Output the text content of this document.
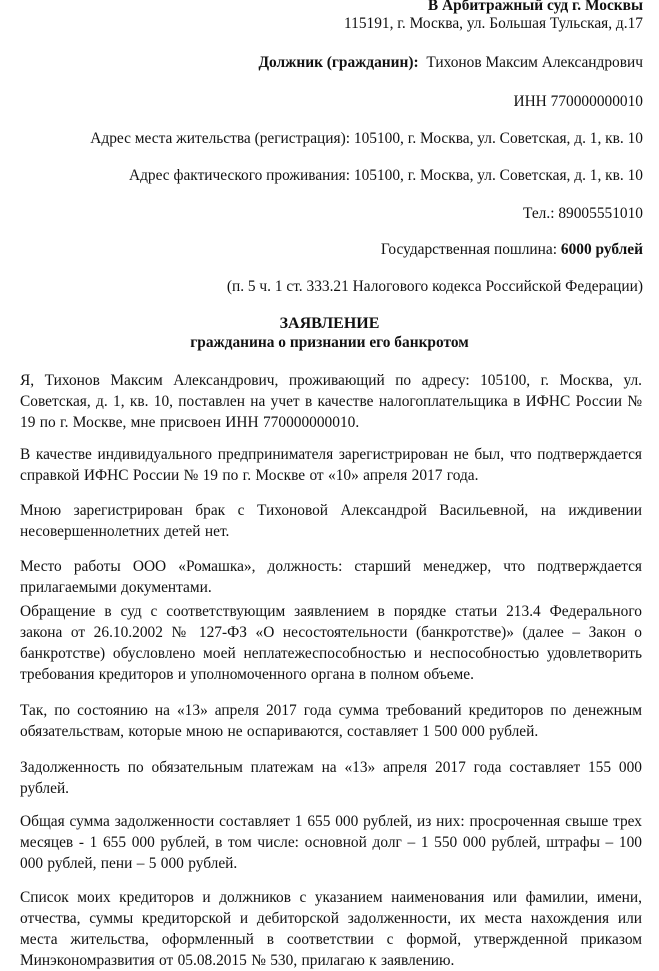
В Арбитражный суд г. Москвы
115191, г. Москва, ул. Большая Тульская, д.17
Должник (гражданин): Тихонов Максим Александрович
ИНН 770000000010
Адрес места жительства (регистрация): 105100, г. Москва, ул. Советская, д. 1, кв. 10
Адрес фактического проживания: 105100, г. Москва, ул. Советская, д. 1, кв. 10
Тел.: 89005551010
Государственная пошлина: 6000 рублей
(п. 5 ч. 1 ст. 333.21 Налогового кодекса Российской Федерации)
ЗАЯВЛЕНИЕ
гражданина о признании его банкротом

Я, Тихонов Максим Александрович, проживающий по адресу: 105100, г. Москва, ул. Советская, д. 1, кв. 10, поставлен на учет в качестве налогоплательщика в ИФНС России № 19 по г. Москве, мне присвоен ИНН 770000000010.

В качестве индивидуального предпринимателя зарегистрирован не был, что подтверждается справкой ИФНС России № 19 по г. Москве от «10» апреля 2017 года.

Мною зарегистрирован брак с Тихоновой Александрой Васильевной, на иждивении несовершеннолетних детей нет.

Место работы ООО «Ромашка», должность: старший менеджер, что подтверждается прилагаемыми документами.

Обращение в суд с соответствующим заявлением в порядке статьи 213.4 Федерального закона от 26.10.2002 № 127-ФЗ «О несостоятельности (банкротстве)» (далее – Закон о банкротстве) обусловлено моей неплатежеспособностью и неспособностью удовлетворить требования кредиторов и уполномоченного органа в полном объеме.

Так, по состоянию на «13» апреля 2017 года сумма требований кредиторов по денежным обязательствам, которые мною не оспариваются, составляет 1 500 000 рублей.

Задолженность по обязательным платежам на «13» апреля 2017 года составляет 155 000 рублей.

Общая сумма задолженности составляет 1 655 000 рублей, из них: просроченная свыше трех месяцев - 1 655 000 рублей, в том числе: основной долг – 1 550 000 рублей, штрафы – 100 000 рублей, пени – 5 000 рублей.

Список моих кредиторов и должников с указанием наименования или фамилии, имени, отчества, суммы кредиторской и дебиторской задолженности, их места нахождения или места жительства, оформленный в соответствии с формой, утвержденной приказом Минэкономразвития от 05.08.2015 № 530, прилагаю к заявлению.
